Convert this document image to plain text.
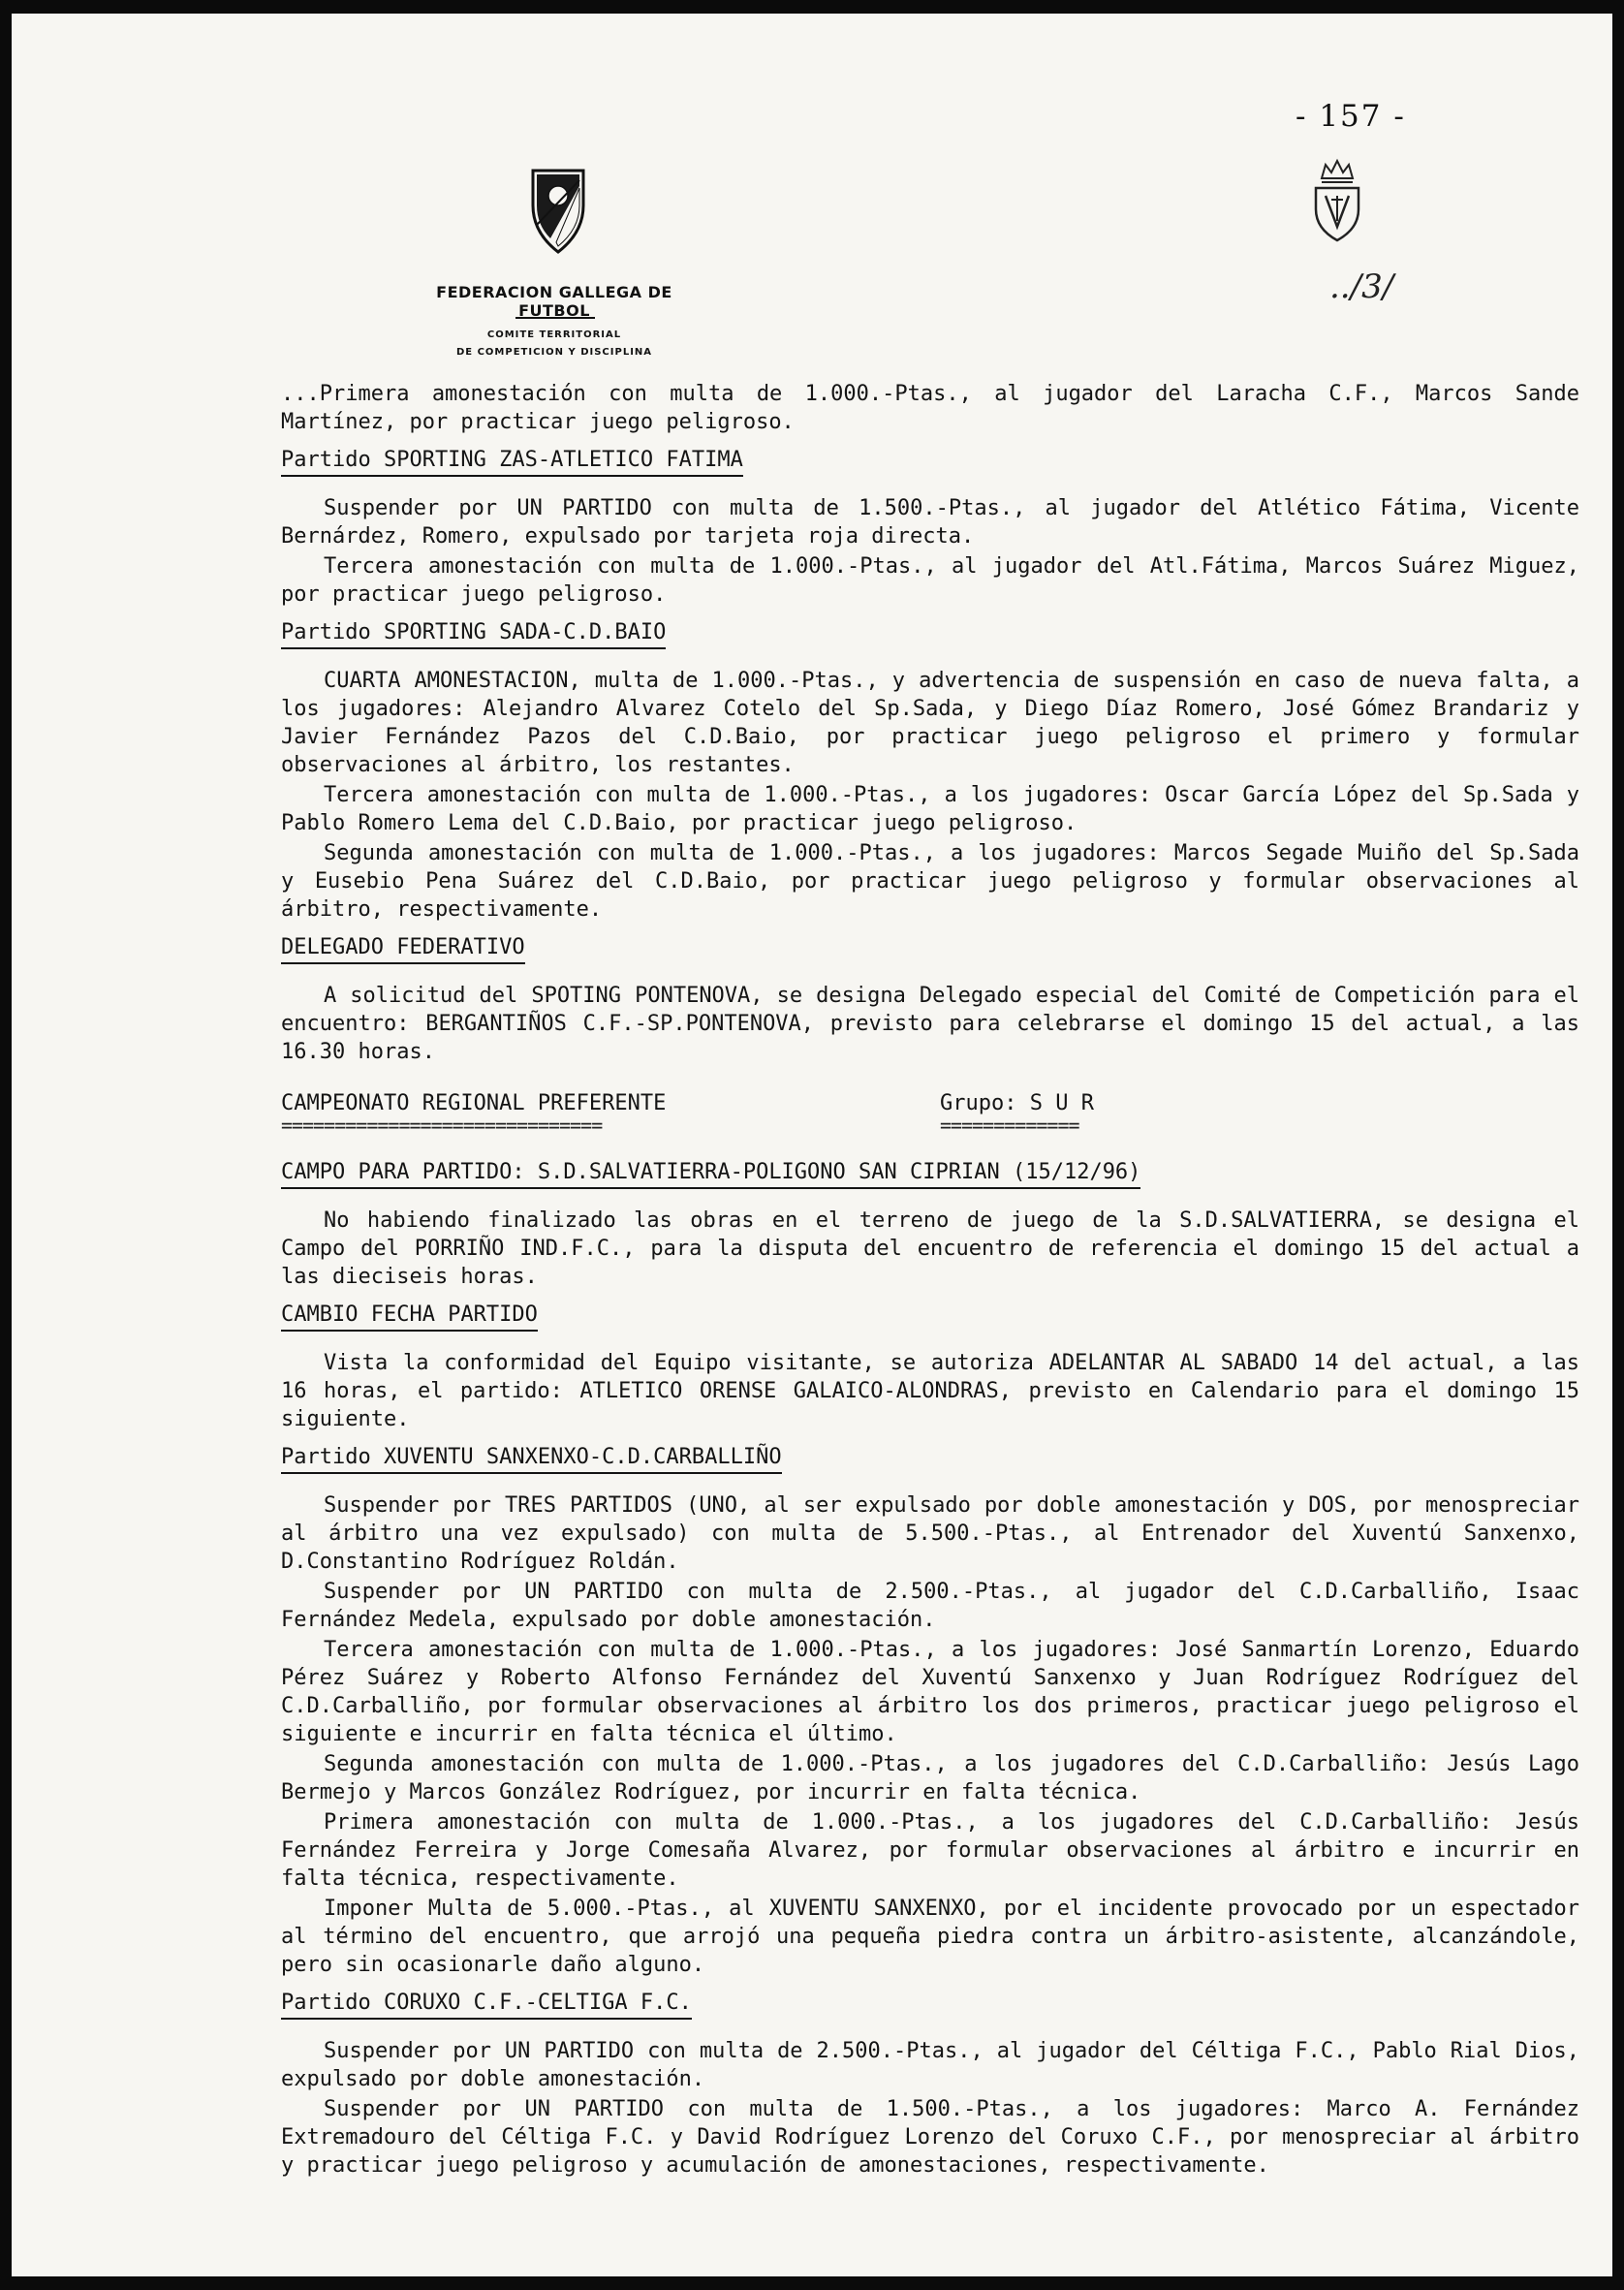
- 157 -
../3/
FEDERACION GALLEGA DE FUTBOL
COMITE TERRITORIAL
DE COMPETICION Y DISCIPLINA

...Primera amonestación con multa de 1.000.-Ptas., al jugador del Laracha C.F., Marcos Sande Martínez, por practicar juego peligroso.

Partido SPORTING ZAS-ATLETICO FATIMA

Suspender por UN PARTIDO con multa de 1.500.-Ptas., al jugador del Atlético Fátima, Vicente Bernárdez, Romero, expulsado por tarjeta roja directa.

Tercera amonestación con multa de 1.000.-Ptas., al jugador del Atl.Fátima, Marcos Suárez Miguez, por practicar juego peligroso.

Partido SPORTING SADA-C.D.BAIO

CUARTA AMONESTACION, multa de 1.000.-Ptas., y advertencia de suspensión en caso de nueva falta, a los jugadores: Alejandro Alvarez Cotelo del Sp.Sada, y Diego Díaz Romero, José Gómez Brandariz y Javier Fernández Pazos del C.D.Baio, por practicar juego peligroso el primero y formular observaciones al árbitro, los restantes.

Tercera amonestación con multa de 1.000.-Ptas., a los jugadores: Oscar García López del Sp.Sada y Pablo Romero Lema del C.D.Baio, por practicar juego peligroso.

Segunda amonestación con multa de 1.000.-Ptas., a los jugadores: Marcos Segade Muiño del Sp.Sada y Eusebio Pena Suárez del C.D.Baio, por practicar juego peligroso y formular observaciones al árbitro, respectivamente.

DELEGADO FEDERATIVO

A solicitud del SPOTING PONTENOVA, se designa Delegado especial del Comité de Competición para el encuentro: BERGANTIÑOS C.F.-SP.PONTENOVA, previsto para celebrarse el domingo 15 del actual, a las 16.30 horas.

CAMPEONATO REGIONAL PREFERENTE
==============================
Grupo: S U R
=============
CAMPO PARA PARTIDO: S.D.SALVATIERRA-POLIGONO SAN CIPRIAN (15/12/96)

No habiendo finalizado las obras en el terreno de juego de la S.D.SALVATIERRA, se designa el Campo del PORRIÑO IND.F.C., para la disputa del encuentro de referencia el domingo 15 del actual a las dieciseis horas.

CAMBIO FECHA PARTIDO

Vista la conformidad del Equipo visitante, se autoriza ADELANTAR AL SABADO 14 del actual, a las 16 horas, el partido: ATLETICO ORENSE GALAICO-ALONDRAS, previsto en Calendario para el domingo 15 siguiente.

Partido XUVENTU SANXENXO-C.D.CARBALLIÑO

Suspender por TRES PARTIDOS (UNO, al ser expulsado por doble amonestación y DOS, por menospreciar al árbitro una vez expulsado) con multa de 5.500.-Ptas., al Entrenador del Xuventú Sanxenxo, D.Constantino Rodríguez Roldán.

Suspender por UN PARTIDO con multa de 2.500.-Ptas., al jugador del C.D.Carballiño, Isaac Fernández Medela, expulsado por doble amonestación.

Tercera amonestación con multa de 1.000.-Ptas., a los jugadores: José Sanmartín Lorenzo, Eduardo Pérez Suárez y Roberto Alfonso Fernández del Xuventú Sanxenxo y Juan Rodríguez Rodríguez del C.D.Carballiño, por formular observaciones al árbitro los dos primeros, practicar juego peligroso el siguiente e incurrir en falta técnica el último.

Segunda amonestación con multa de 1.000.-Ptas., a los jugadores del C.D.Carballiño: Jesús Lago Bermejo y Marcos González Rodríguez, por incurrir en falta técnica.

Primera amonestación con multa de 1.000.-Ptas., a los jugadores del C.D.Carballiño: Jesús Fernández Ferreira y Jorge Comesaña Alvarez, por formular observaciones al árbitro e incurrir en falta técnica, respectivamente.

Imponer Multa de 5.000.-Ptas., al XUVENTU SANXENXO, por el incidente provocado por un espectador al término del encuentro, que arrojó una pequeña piedra contra un árbitro-asistente, alcanzándole, pero sin ocasionarle daño alguno.

Partido CORUXO C.F.-CELTIGA F.C.

Suspender por UN PARTIDO con multa de 2.500.-Ptas., al jugador del Céltiga F.C., Pablo Rial Dios, expulsado por doble amonestación.

Suspender por UN PARTIDO con multa de 1.500.-Ptas., a los jugadores: Marco A. Fernández Extremadouro del Céltiga F.C. y David Rodríguez Lorenzo del Coruxo C.F., por menospreciar al árbitro y practicar juego peligroso y acumulación de amonestaciones, respectivamente.
